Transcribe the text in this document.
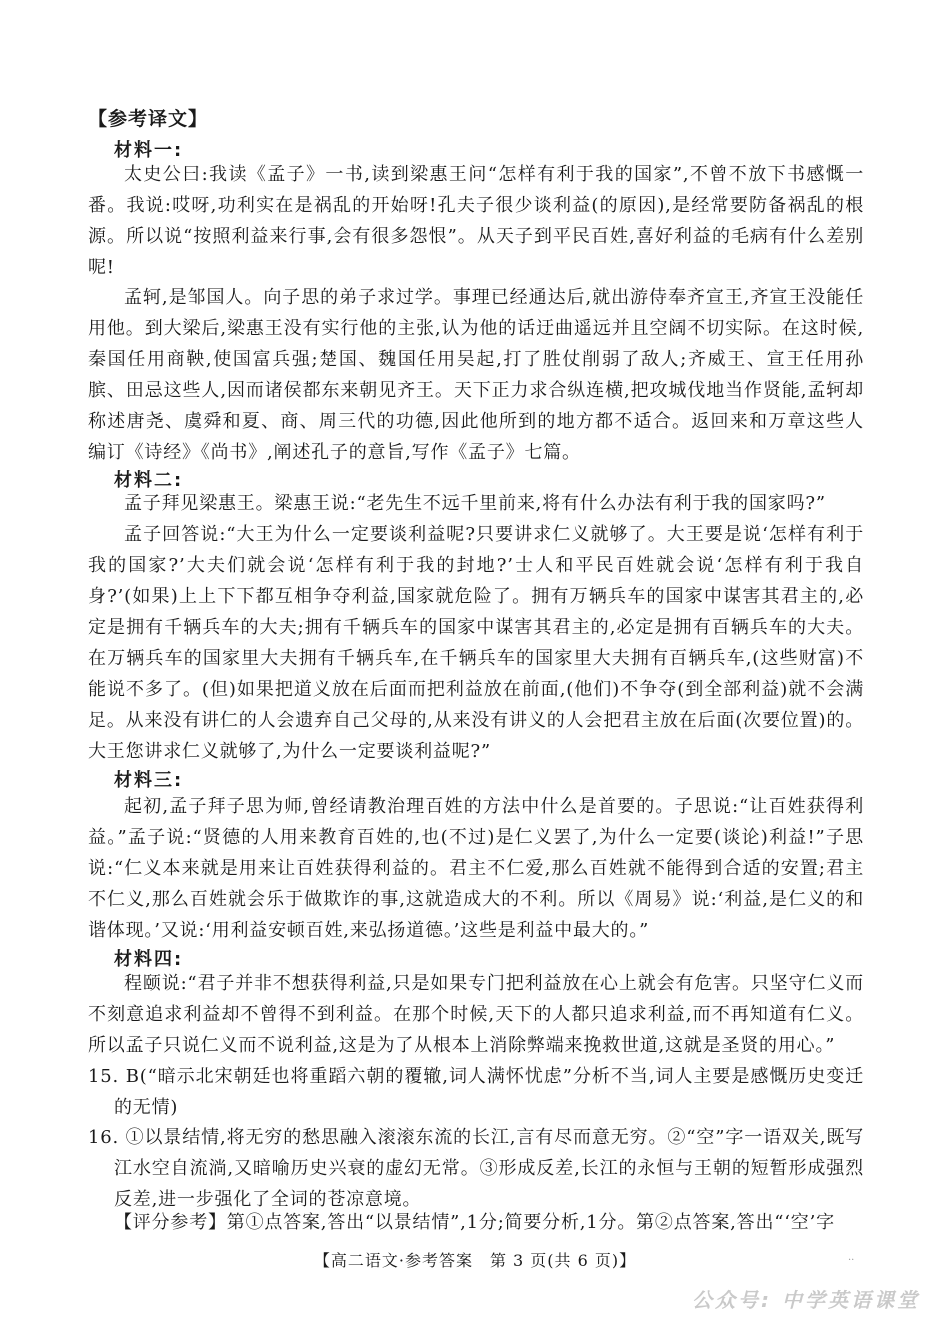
【参考译文】
材料一:

太史公曰:我读《孟子》一书,读到梁惠王问“怎样有利于我的国家”,不曾不放下书感慨一番。我说:哎呀,功利实在是祸乱的开始呀!孔夫子很少谈利益(的原因),是经常要防备祸乱的根源。所以说“按照利益来行事,会有很多怨恨”。从天子到平民百姓,喜好利益的毛病有什么差别呢!

孟轲,是邹国人。向子思的弟子求过学。事理已经通达后,就出游侍奉齐宣王,齐宣王没能任用他。到大梁后,梁惠王没有实行他的主张,认为他的话迂曲遥远并且空阔不切实际。在这时候,秦国任用商鞅,使国富兵强;楚国、魏国任用吴起,打了胜仗削弱了敌人;齐威王、宣王任用孙膑、田忌这些人,因而诸侯都东来朝见齐王。天下正力求合纵连横,把攻城伐地当作贤能,孟轲却称述唐尧、虞舜和夏、商、周三代的功德,因此他所到的地方都不适合。返回来和万章这些人编订《诗经》《尚书》,阐述孔子的意旨,写作《孟子》七篇。

材料二:

孟子拜见梁惠王。梁惠王说:“老先生不远千里前来,将有什么办法有利于我的国家吗?”

孟子回答说:“大王为什么一定要谈利益呢?只要讲求仁义就够了。大王要是说‘怎样有利于我的国家?’大夫们就会说‘怎样有利于我的封地?’士人和平民百姓就会说‘怎样有利于我自身?’(如果)上上下下都互相争夺利益,国家就危险了。拥有万辆兵车的国家中谋害其君主的,必定是拥有千辆兵车的大夫;拥有千辆兵车的国家中谋害其君主的,必定是拥有百辆兵车的大夫。在万辆兵车的国家里大夫拥有千辆兵车,在千辆兵车的国家里大夫拥有百辆兵车,(这些财富)不能说不多了。(但)如果把道义放在后面而把利益放在前面,(他们)不争夺(到全部利益)就不会满足。从来没有讲仁的人会遗弃自己父母的,从来没有讲义的人会把君主放在后面(次要位置)的。大王您讲求仁义就够了,为什么一定要谈利益呢?”

材料三:

起初,孟子拜子思为师,曾经请教治理百姓的方法中什么是首要的。子思说:“让百姓获得利益。”孟子说:“贤德的人用来教育百姓的,也(不过)是仁义罢了,为什么一定要(谈论)利益!”子思说:“仁义本来就是用来让百姓获得利益的。君主不仁爱,那么百姓就不能得到合适的安置;君主不仁义,那么百姓就会乐于做欺诈的事,这就造成大的不利。所以《周易》说:‘利益,是仁义的和谐体现。’又说:‘用利益安顿百姓,来弘扬道德。’这些是利益中最大的。”

材料四:

程颐说:“君子并非不想获得利益,只是如果专门把利益放在心上就会有危害。只坚守仁义而不刻意追求利益却不曾得不到利益。在那个时候,天下的人都只追求利益,而不再知道有仁义。所以孟子只说仁义而不说利益,这是为了从根本上消除弊端来挽救世道,这就是圣贤的用心。”

15. B(“暗示北宋朝廷也将重蹈六朝的覆辙,词人满怀忧虑”分析不当,词人主要是感慨历史变迁的无情)

16. ①以景结情,将无穷的愁思融入滚滚东流的长江,言有尽而意无穷。②“空”字一语双关,既写江水空自流淌,又暗喻历史兴衰的虚幻无常。③形成反差,长江的永恒与王朝的短暂形成强烈反差,进一步强化了全词的苍凉意境。

【评分参考】第①点答案,答出“以景结情”,1分;简要分析,1分。第②点答案,答出“‘空’字

【高二语文·参考答案　第 3 页(共 6 页)】	..
公众号: 中学英语课堂
